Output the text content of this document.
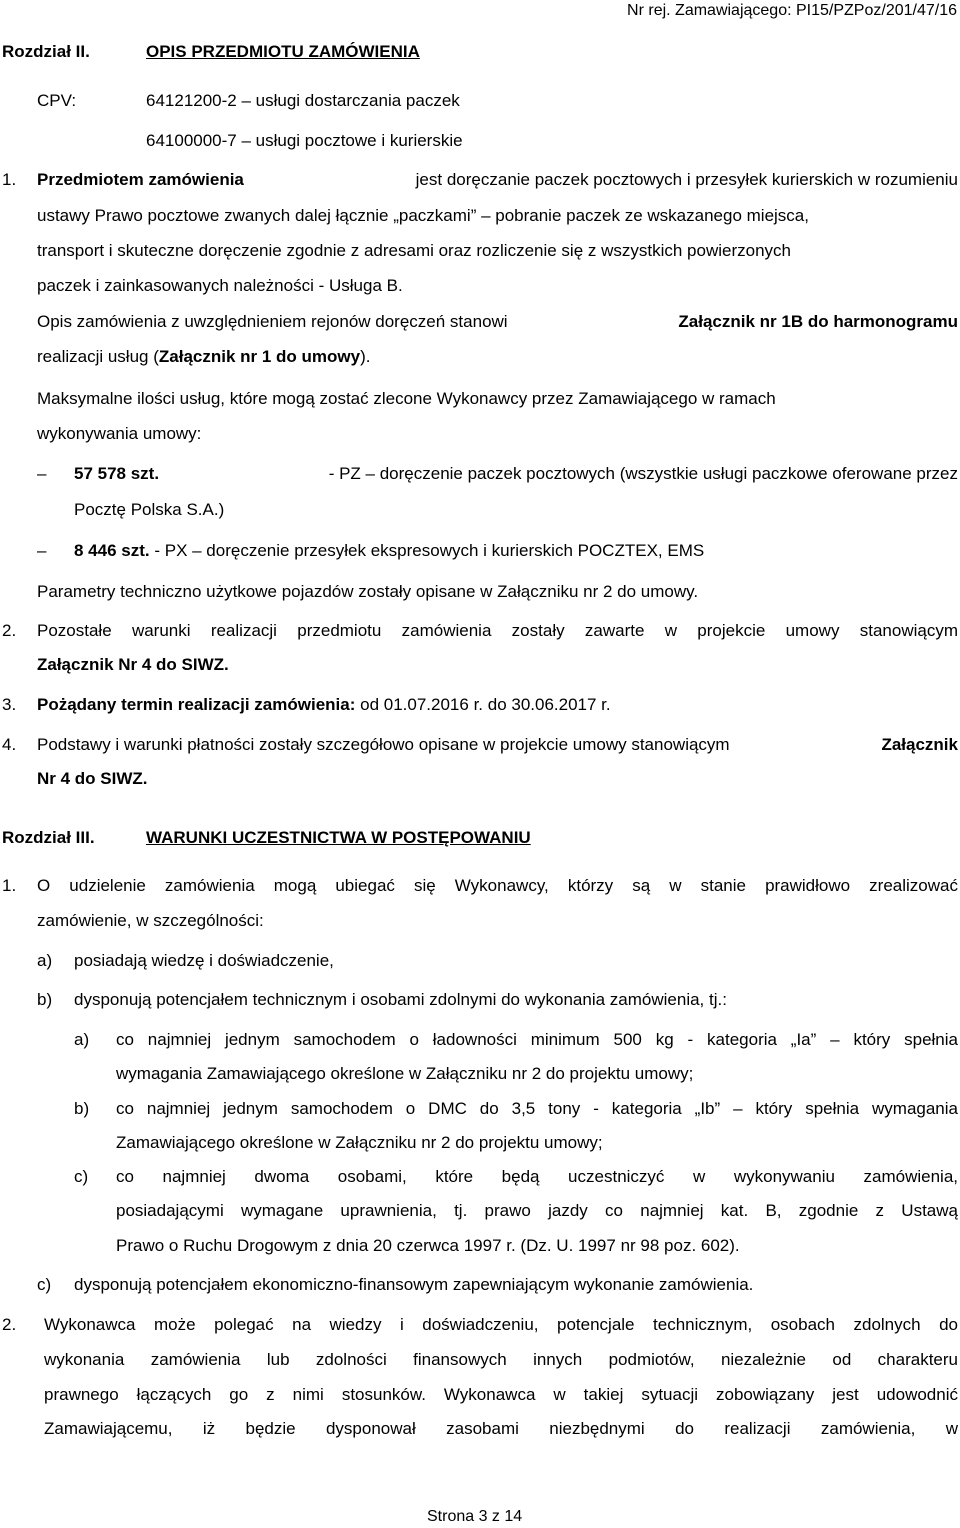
Nr rej. Zamawiającego: PI15/PZPoz/201/47/16
Rozdział II.	OPIS PRZEDMIOTU ZAMÓWIENIA
CPV:	64121200-2 – usługi dostarczania paczek
64100000-7 – usługi pocztowe i kurierskie
1. Przedmiotem zamówienia	jest doręczanie paczek pocztowych i przesyłek kurierskich w rozumieniu
ustawy Prawo pocztowe zwanych dalej łącznie „paczkami” – pobranie paczek ze wskazanego miejsca,
transport i skuteczne doręczenie zgodnie z adresami oraz rozliczenie się z wszystkich powierzonych
paczek i zainkasowanych należności - Usługa B.
Opis zamówienia z uwzględnieniem rejonów doręczeń stanowi	Załącznik nr 1B do harmonogramu
realizacji usług (Załącznik nr 1 do umowy).
Maksymalne ilości usług, które mogą zostać zlecone Wykonawcy przez Zamawiającego w ramach
wykonywania umowy:
– 57 578 szt.
	- PZ – doręczenie paczek pocztowych (wszystkie usługi paczkowe oferowane przez
Pocztę Polska S.A.)
– 8 446 szt. - PX – doręczenie przesyłek ekspresowych i kurierskich POCZTEX, EMS
Parametry techniczno użytkowe pojazdów zostały opisane w Załączniku nr 2 do umowy.
2. Pozostałe warunki realizacji przedmiotu zamówienia zostały zawarte w projekcie umowy stanowiącym
Załącznik Nr 4 do SIWZ.
3. Pożądany termin realizacji zamówienia: od 01.07.2016 r. do 30.06.2017 r.
4. Podstawy i warunki płatności zostały szczegółowo opisane w projekcie umowy stanowiącym	Załącznik
Nr 4 do SIWZ.
Rozdział III.	WARUNKI UCZESTNICTWA W POSTĘPOWANIU
1. O udzielenie zamówienia mogą ubiegać się Wykonawcy, którzy są w stanie prawidłowo zrealizować
zamówienie, w szczególności:
a) posiadają wiedzę i doświadczenie,
b) dysponują potencjałem technicznym i osobami zdolnymi do wykonania zamówienia, tj.:
a) co najmniej jednym samochodem o ładowności minimum 500 kg - kategoria „Ia” – który spełnia
wymagania Zamawiającego określone w Załączniku nr 2 do projektu umowy;
b) co najmniej jednym samochodem o DMC do 3,5 tony - kategoria „Ib” – który spełnia wymagania
Zamawiającego określone w Załączniku nr 2 do projektu umowy;
c) co najmniej dwoma osobami, które będą uczestniczyć w wykonywaniu zamówienia,
posiadającymi wymagane uprawnienia, tj. prawo jazdy co najmniej kat. B, zgodnie z Ustawą
Prawo o Ruchu Drogowym z dnia 20 czerwca 1997 r. (Dz. U. 1997 nr 98 poz. 602).
c) dysponują potencjałem ekonomiczno-finansowym zapewniającym wykonanie zamówienia.
2. Wykonawca może polegać na wiedzy i doświadczeniu, potencjale technicznym, osobach zdolnych do
wykonania zamówienia lub zdolności finansowych innych podmiotów, niezależnie od charakteru
prawnego łączących go z nimi stosunków. Wykonawca w takiej sytuacji zobowiązany jest udowodnić
Zamawiającemu, iż będzie dysponował zasobami niezbędnymi do realizacji zamówienia, w
Strona 3 z 14
